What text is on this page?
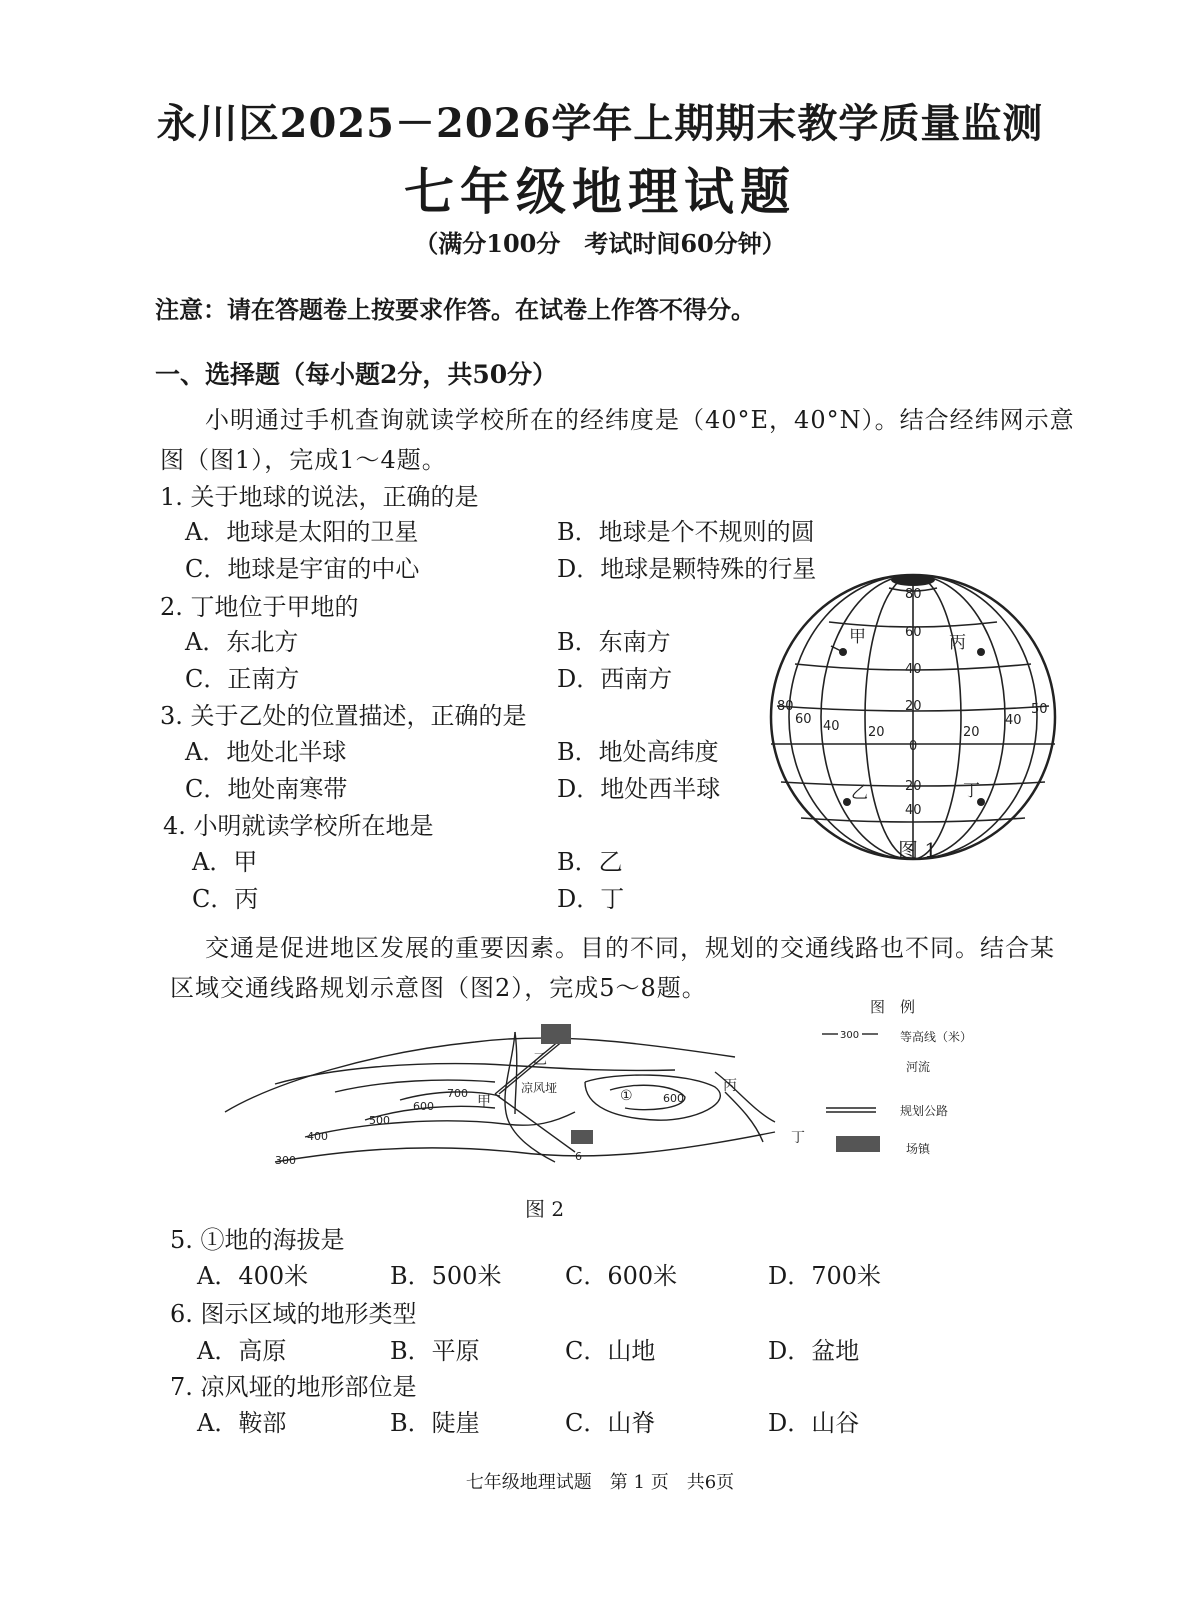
永川区2025－2026学年上期期末教学质量监测
七年级地理试题
（满分100分　考试时间60分钟）
注意：请在答题卷上按要求作答。在试卷上作答不得分。
一、选择题（每小题2分，共50分）
小明通过手机查询就读学校所在的经纬度是（40°E，40°N）。结合经纬网示意
图（图1），完成1～4题。
1. 关于地球的说法，正确的是
A．地球是太阳的卫星	B．地球是个不规则的圆
C．地球是宇宙的中心	D．地球是颗特殊的行星
2. 丁地位于甲地的
A．东北方	B．东南方
C．正南方	D．西南方
3. 关于乙处的位置描述，正确的是
A．地处北半球	B．地处高纬度
C．地处南寒带	D．地处西半球
4. 小明就读学校所在地是
A．甲	B．乙
C．丙	D．丁
80
60
40
20
0
20
40
80
60 40 20	20
40
50
甲	丙
乙	丁
图 1
交通是促进地区发展的重要因素。目的不同，规划的交通线路也不同。结合某
区域交通线路规划示意图（图2），完成5～8题。
300
400
500
600
700	600
甲
凉风垭	丙
丁
乙
①
6
图　例
300	等高线（米）
河流
规划公路
场镇
图 2
5. ①地的海拔是
A．400米	B．500米	C．600米	D．700米
6. 图示区域的地形类型
A．高原	B．平原	C．山地	D．盆地
7. 凉风垭的地形部位是
A．鞍部	B．陡崖	C．山脊	D．山谷
七年级地理试题　第 1 页　共6页
